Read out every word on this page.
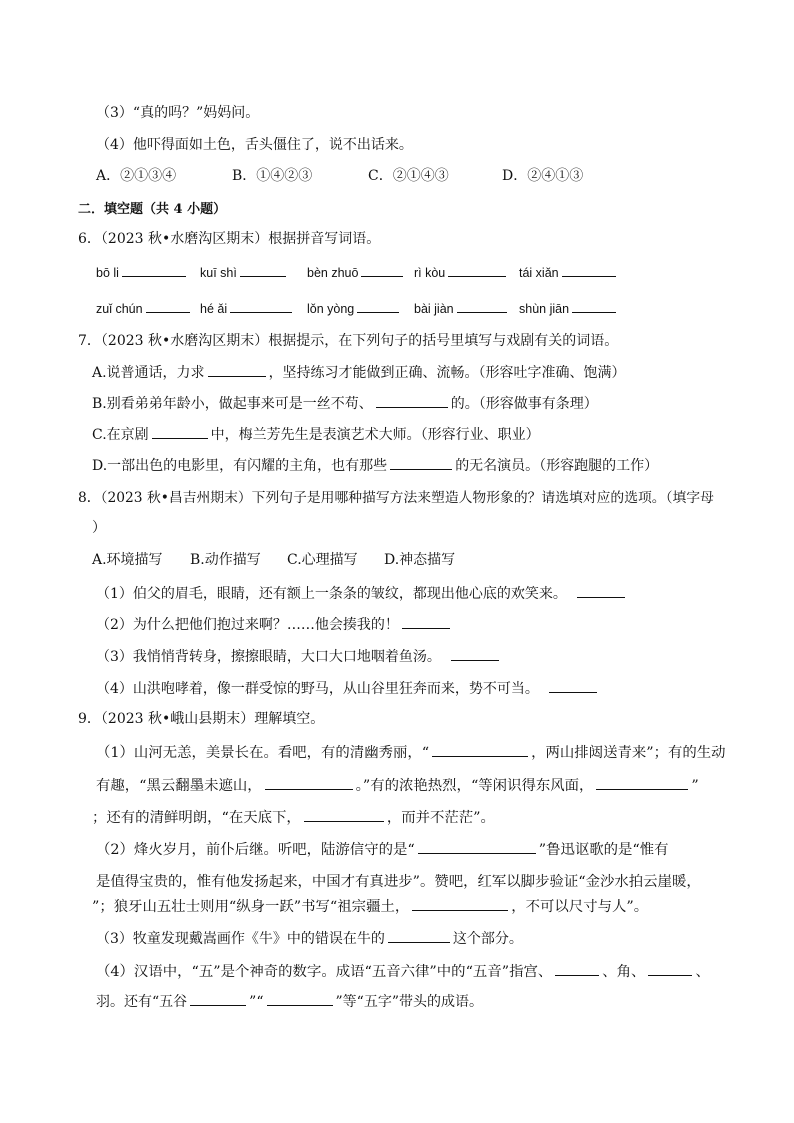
（3）“真的吗？”妈妈问。
（4）他吓得面如土色，舌头僵住了，说不出话来。
A．②①③④	B．①④②③	C．②①④③	D．②④①③
二．填空题（共 4 小题）
6．（2023 秋•水磨沟区期末）根据拼音写词语。
bō li	kuī shì	bèn zhuō	rì kòu	tái xiǎn
zuǐ chún	hé ǎi	lǒn yòng	bài jiàn	shùn jiān
7．（2023 秋•水磨沟区期末）根据提示，在下列句子的括号里填写与戏剧有关的词语。
A.说普通话，力求	，坚持练习才能做到正确、流畅。（形容吐字准确、饱满）
B.别看弟弟年龄小，做起事来可是一丝不苟、	的。（形容做事有条理）
C.在京剧	中，梅兰芳先生是表演艺术大师。（形容行业、职业）
D.一部出色的电影里，有闪耀的主角，也有那些	的无名演员。（形容跑腿的工作）
8．（2023 秋•昌吉州期末）下列句子是用哪种描写方法来塑造人物形象的？请选填对应的选项。（填字母
）
A.环境描写 B.动作描写 C.心理描写 D.神态描写
（1）伯父的眉毛，眼睛，还有额上一条条的皱纹，都现出他心底的欢笑来。
（2）为什么把他们抱过来啊？……他会揍我的！
（3）我悄悄背转身，擦擦眼睛，大口大口地咽着鱼汤。
（4）山洪咆哮着，像一群受惊的野马，从山谷里狂奔而来，势不可当。
9．（2023 秋•峨山县期末）理解填空。
（1）山河无恙，美景长在。看吧，有的清幽秀丽，“	，两山排闼送青来”；有的生动
有趣，“黑云翻墨未遮山，	。”有的浓艳热烈，“等闲识得东风面，	”
；还有的清鲜明朗，“在天底下，	，而并不茫茫”。
（2）烽火岁月，前仆后继。听吧，陆游信守的是“	”鲁迅讴歌的是“惟有
是值得宝贵的，惟有他发扬起来，中国才有真进步”。赞吧，红军以脚步验证“金沙水拍云崖暖，
”；狼牙山五壮士则用“纵身一跃”书写“祖宗疆土，	，不可以尺寸与人”。
（3）牧童发现戴嵩画作《牛》中的错误在牛的	这个部分。
（4）汉语中，“五”是个神奇的数字。成语“五音六律”中的“五音”指宫、	、角、	、
羽。还有“五谷	”“	”等“五字”带头的成语。
